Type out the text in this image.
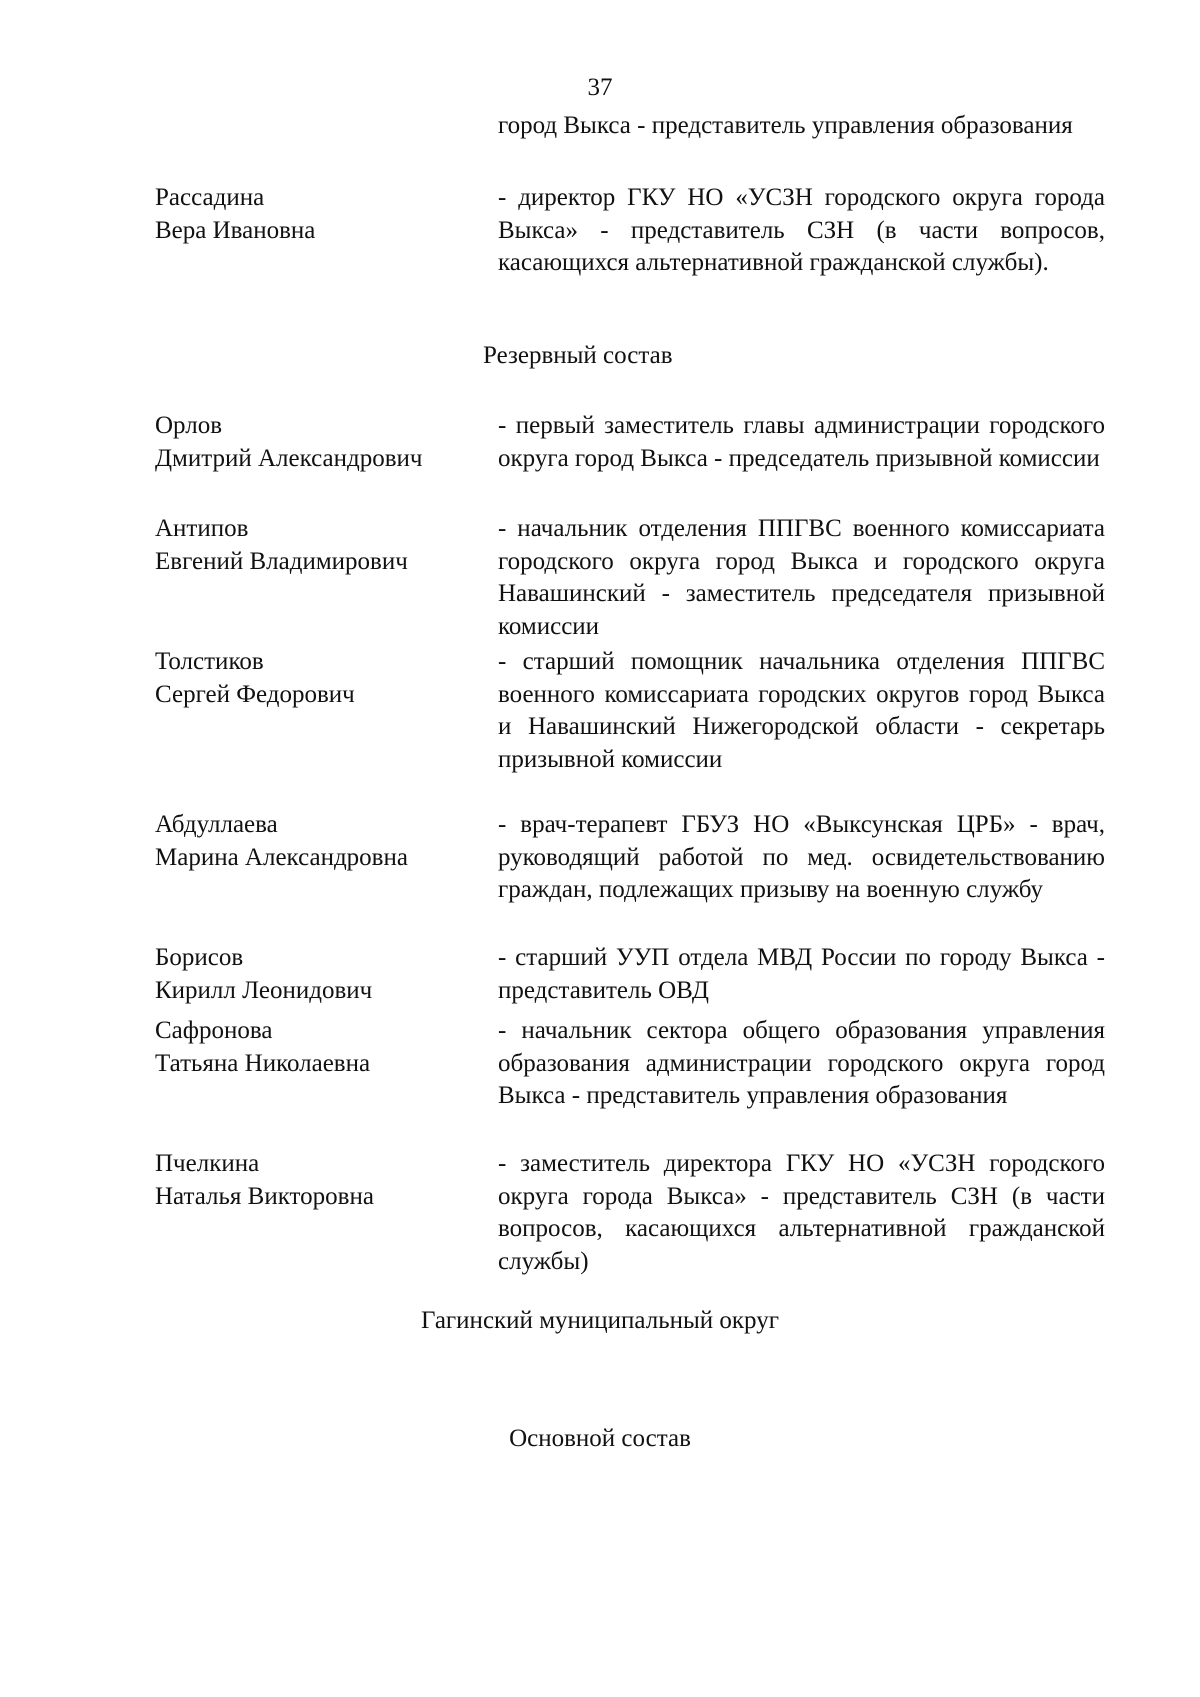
37
город Выкса - представитель управления образования
Рассадина
Вера Ивановна
- директор ГКУ НО «УСЗН городского округа города Выкса» - представитель СЗН (в части вопросов, касающихся альтернативной гражданской службы).
Резервный состав
Орлов
Дмитрий Александрович
- первый заместитель главы администрации городского округа город Выкса - председатель призывной комиссии
Антипов
Евгений Владимирович
- начальник отделения ППГВС военного комиссариата городского округа город Выкса и городского округа Навашинский - заместитель председателя призывной комиссии
Толстиков
Сергей Федорович
- старший помощник начальника отделения ППГВС военного комиссариата городских округов город Выкса и Навашинский Нижегородской области - секретарь призывной комиссии
Абдуллаева
Марина Александровна
- врач-терапевт ГБУЗ НО «Выксунская ЦРБ» - врач, руководящий работой по мед. освидетельствованию граждан, подлежащих призыву на военную службу
Борисов
Кирилл Леонидович
- старший УУП отдела МВД России по городу Выкса - представитель ОВД
Сафронова
Татьяна Николаевна
- начальник сектора общего образования управления образования администрации городского округа город Выкса - представитель управления образования
Пчелкина
Наталья Викторовна
- заместитель директора ГКУ НО «УСЗН городского округа города Выкса» - представитель СЗН (в части вопросов, касающихся альтернативной гражданской службы)
Гагинский муниципальный округ
Основной состав
